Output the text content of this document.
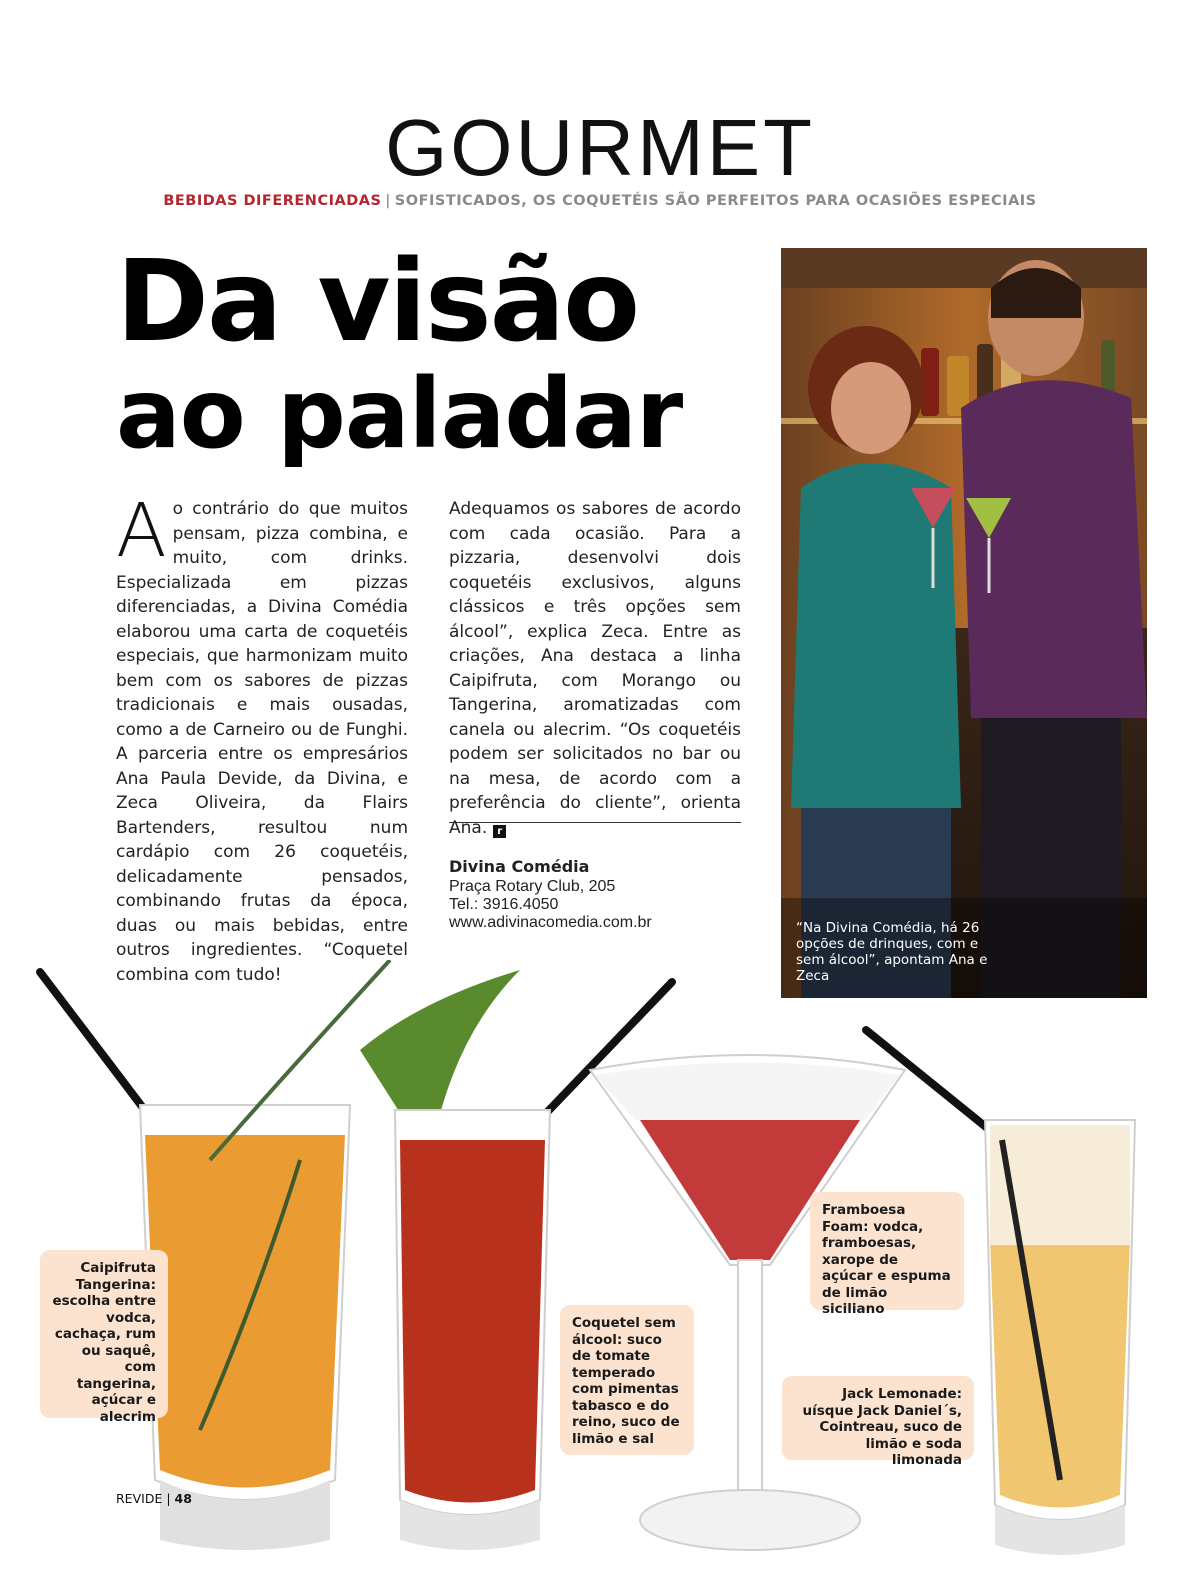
GOURMET
BEBIDAS DIFERENCIADAS | SOFISTICADOS, OS COQUETÉIS SÃO PERFEITOS PARA OCASIÕES ESPECIAIS
Da visão
ao paladar
Ao contrário do que muitos pensam, pizza combina, e muito, com drinks. Especializada em pizzas diferenciadas, a Divina Comédia elaborou uma carta de coquetéis especiais, que harmonizam muito bem com os sabores de pizzas tradicionais e mais ousadas, como a de Carneiro ou de Funghi. A parceria entre os empresários Ana Paula Devide, da Divina, e Zeca Oliveira, da Flairs Bartenders, resultou num cardápio com 26 coquetéis, delicadamente pensados, combinando frutas da época, duas ou mais bebidas, entre outros ingredientes. “Coquetel combina com tudo!
Adequamos os sabores de acordo com cada ocasião. Para a pizzaria, desenvolvi dois coquetéis exclusivos, alguns clássicos e três opções sem álcool”, explica Zeca. Entre as criações, Ana destaca a linha Caipifruta, com Morango ou Tangerina, aromatizadas com canela ou alecrim. “Os coquetéis podem ser solicitados no bar ou na mesa, de acordo com a preferência do cliente”, orienta Ana. r
Divina Comédia
Praça Rotary Club, 205
Tel.: 3916.4050
www.adivinacomedia.com.br	“Na Divina Comédia, há 26 opções de drinques, com e sem álcool”, apontam Ana e Zeca
Caipifruta Tangerina: escolha entre vodca, cachaça, rum ou saquê, com tangerina, açúcar e alecrim
Coquetel sem álcool: suco de tomate temperado com pimentas tabasco e do reino, suco de limão e sal
Framboesa Foam: vodca, framboesas, xarope de açúcar e espuma de limão siciliano
Jack Lemonade: uísque Jack Daniel´s, Cointreau, suco de limão e soda limonada
REVIDE | 48
